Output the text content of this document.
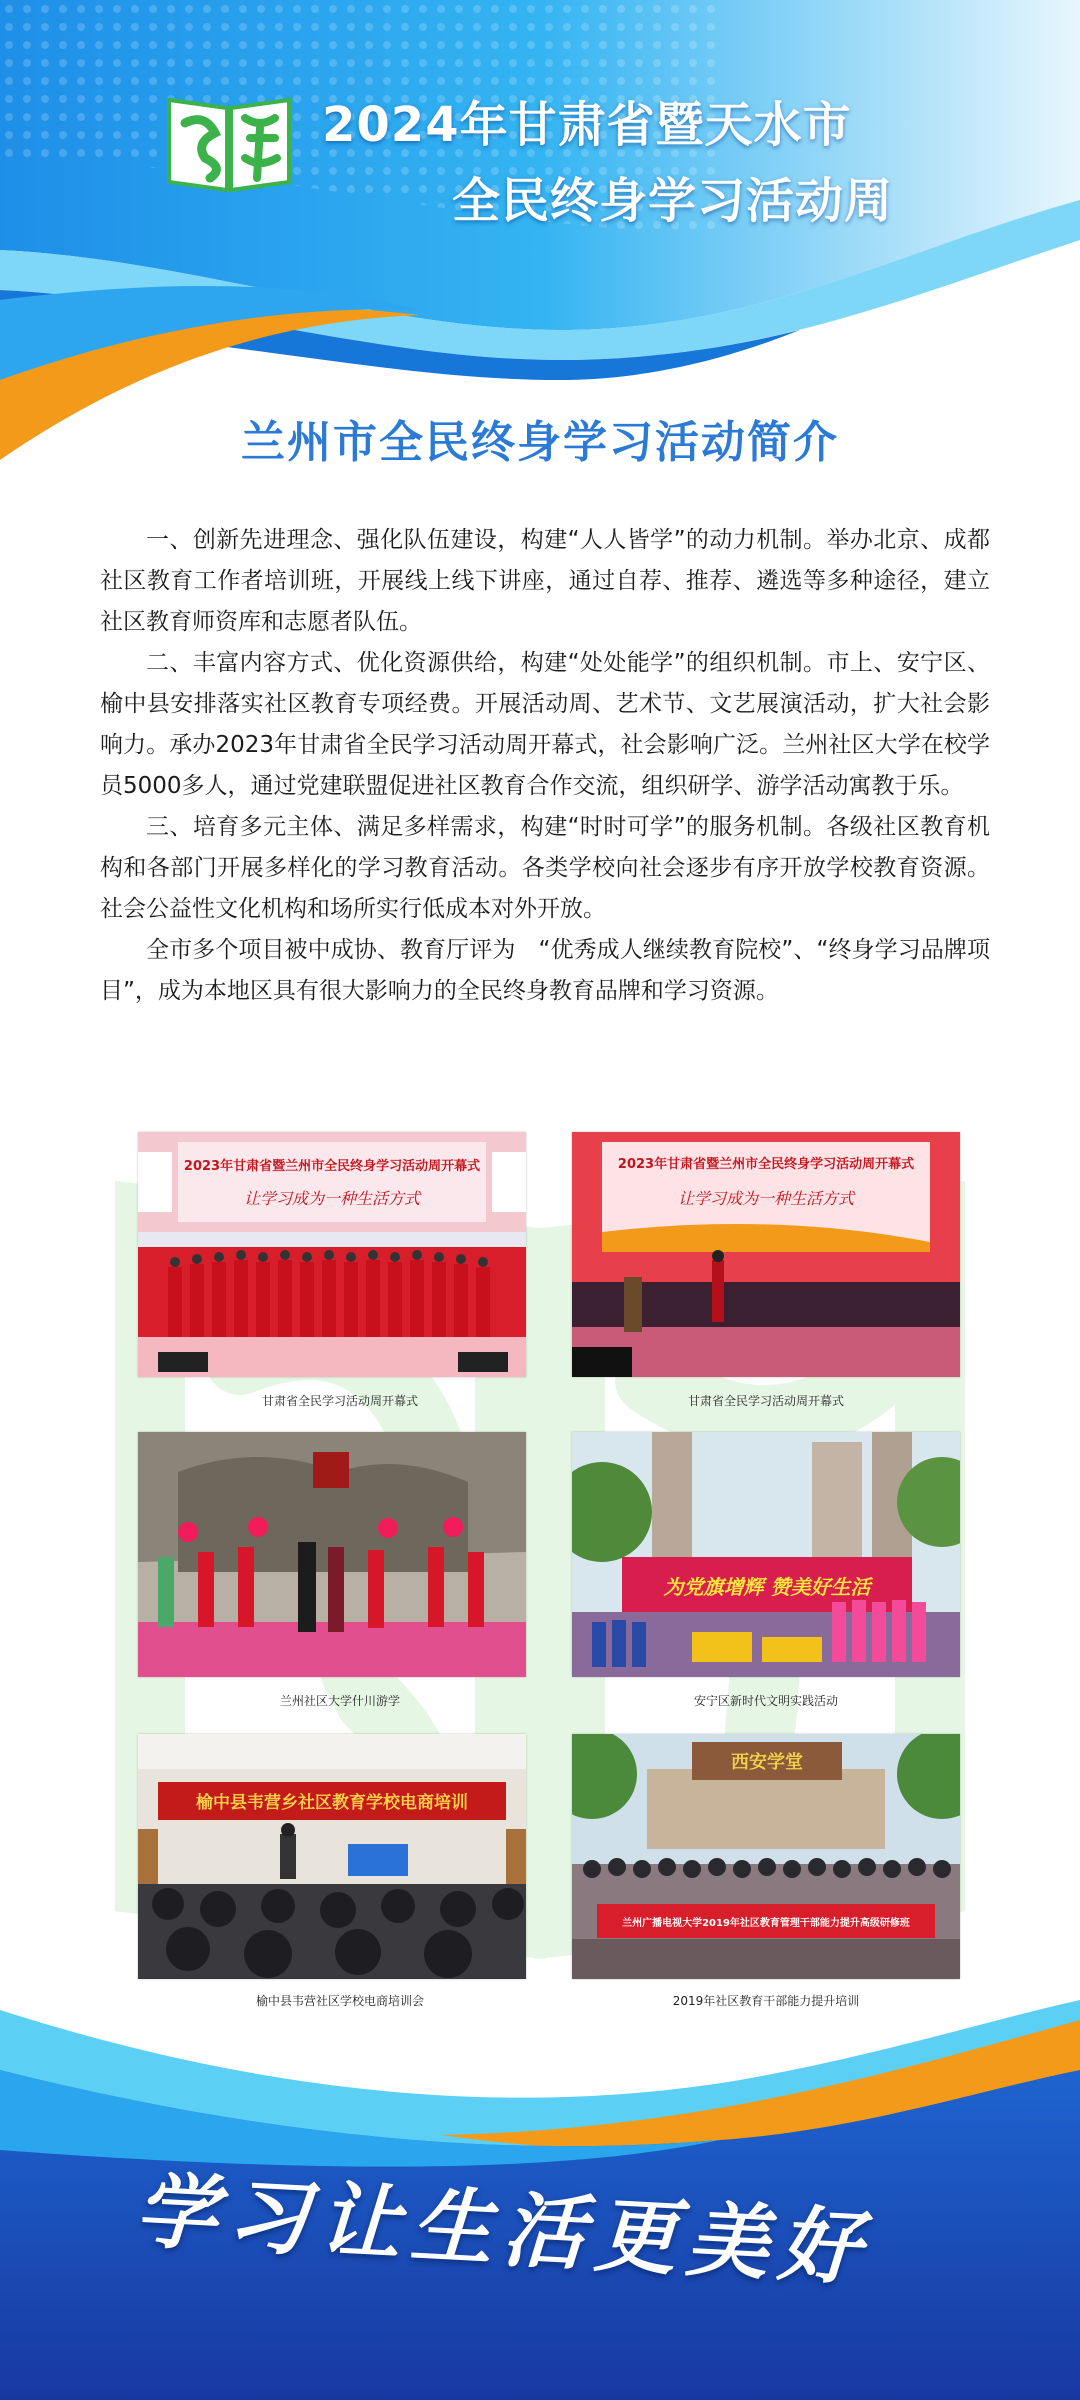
2024年甘肃省暨天水市
全民终身学习活动周
兰州市全民终身学习活动简介

一、创新先进理念、强化队伍建设，构建“人人皆学”的动力机制。举办北京、成都社区教育工作者培训班，开展线上线下讲座，通过自荐、推荐、遴选等多种途径，建立社区教育师资库和志愿者队伍。

二、丰富内容方式、优化资源供给，构建“处处能学”的组织机制。市上、安宁区、榆中县安排落实社区教育专项经费。开展活动周、艺术节、文艺展演活动，扩大社会影响力。承办2023年甘肃省全民学习活动周开幕式，社会影响广泛。兰州社区大学在校学员5000多人，通过党建联盟促进社区教育合作交流，组织研学、游学活动寓教于乐。

三、培育多元主体、满足多样需求，构建“时时可学”的服务机制。各级社区教育机构和各部门开展多样化的学习教育活动。各类学校向社会逐步有序开放学校教育资源。社会公益性文化机构和场所实行低成本对外开放。

全市多个项目被中成协、教育厅评为　“优秀成人继续教育院校”、“终身学习品牌项目”，成为本地区具有很大影响力的全民终身教育品牌和学习资源。

2023年甘肃省暨兰州市全民终身学习活动周开幕式
让学习成为一种生活方式
甘肃省全民学习活动周开幕式
2023年甘肃省暨兰州市全民终身学习活动周开幕式
让学习成为一种生活方式
甘肃省全民学习活动周开幕式
兰州社区大学什川游学
为党旗增辉 赞美好生活
安宁区新时代文明实践活动
榆中县韦营乡社区教育学校电商培训
榆中县韦营社区学校电商培训会
西安学堂
兰州广播电视大学2019年社区教育管理干部能力提升高级研修班
2019年社区教育干部能力提升培训
学习让生活更美好
